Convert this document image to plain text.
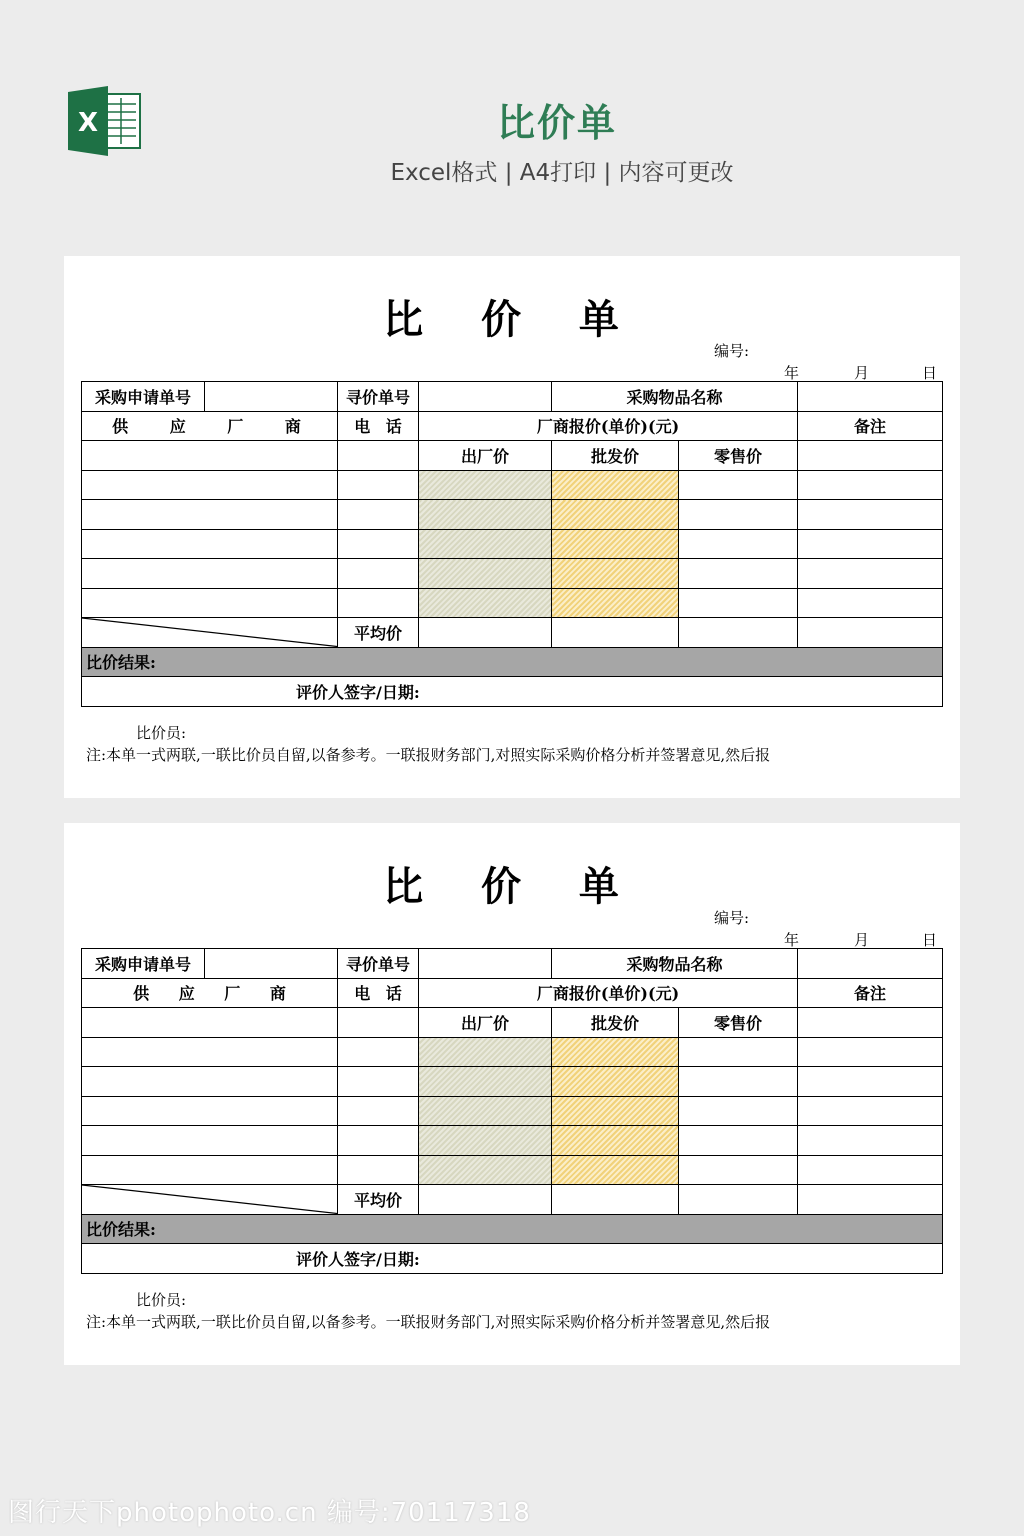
X	比价单
Excel格式 | A4打印 | 内容可更改
比 价 单
编号:
年	月	日
采购申请单号		寻价单号		采购物品名称		
供 应 厂 商		电 话	厂商报价(单价)(元)			备注
			出厂价	批发价	零售价	

	平均价				
比价结果:						
评价人签字/日期:						
比价员:
注:本单一式两联,一联比价员自留,以备参考。一联报财务部门,对照实际采购价格分析并签署意见,然后报
比 价 单
编号:
年	月	日
采购申请单号		寻价单号		采购物品名称		
供 应 厂 商		电 话	厂商报价(单价)(元)			备注
			出厂价	批发价	零售价	

	平均价				
比价结果:						
评价人签字/日期:						
比价员:
注:本单一式两联,一联比价员自留,以备参考。一联报财务部门,对照实际采购价格分析并签署意见,然后报
图行天下photophoto.cn 编号:70117318
